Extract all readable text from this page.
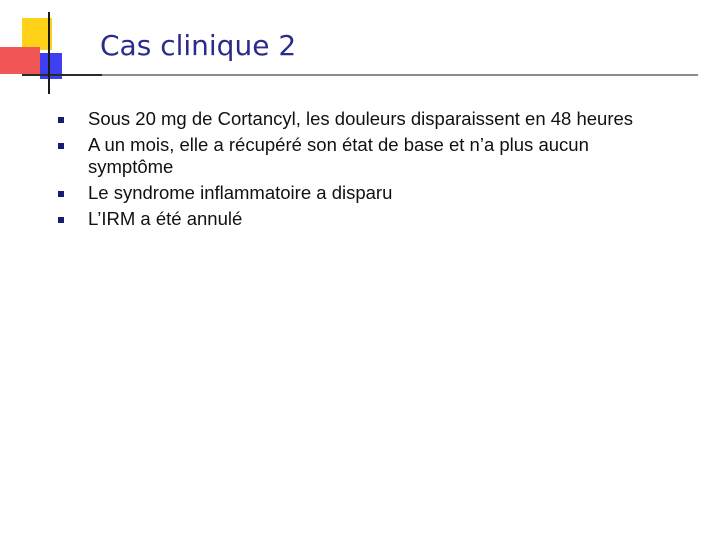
Cas clinique 2
Sous 20 mg de Cortancyl, les douleurs disparaissent en 48 heures
A un mois, elle a récupéré son état de base et n’a plus aucun symptôme
Le syndrome inflammatoire a disparu
L’IRM a été annulé
